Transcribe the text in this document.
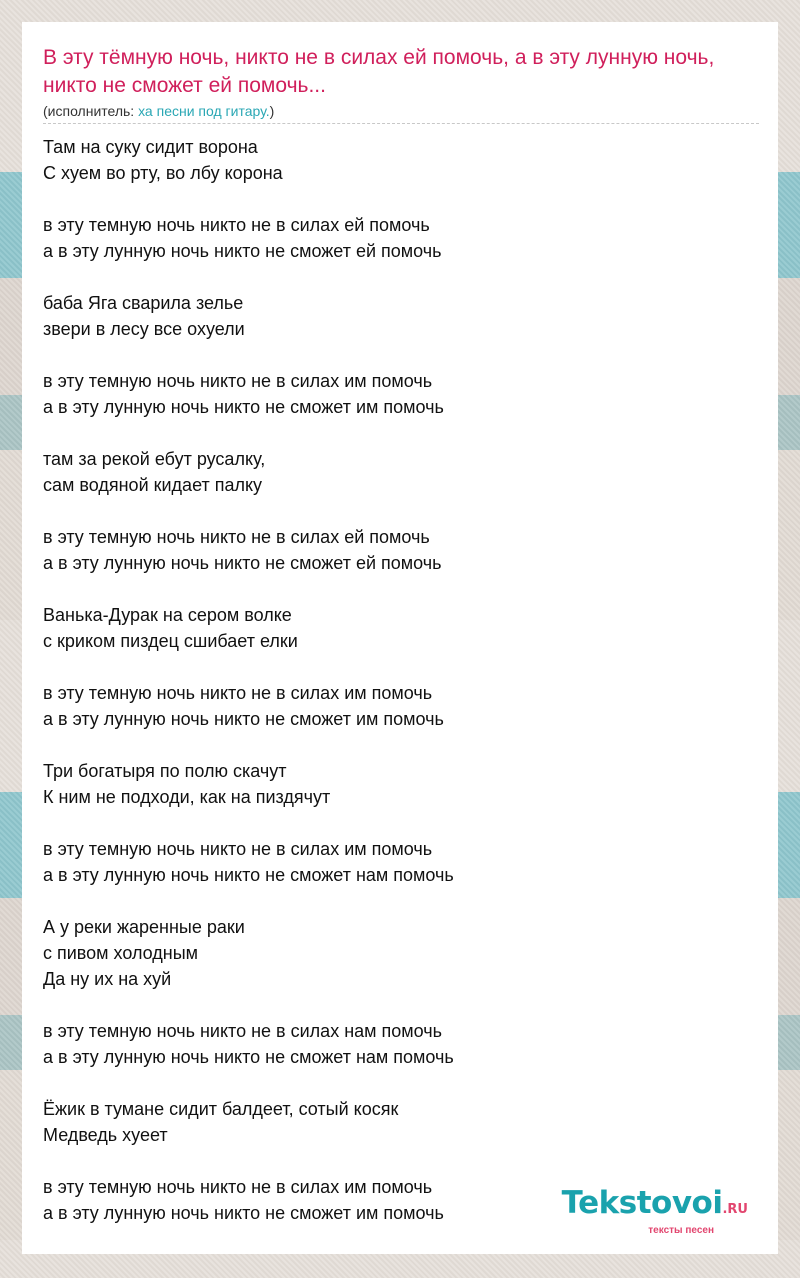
В эту тёмную ночь, никто не в силах ей помочь, а в эту лунную ночь, никто не сможет ей помочь...
(исполнитель: ха песни под гитару.)
Там на суку сидит ворона
С хуем во рту, во лбу корона
в эту темную ночь никто не в силах ей помочь
а в эту лунную ночь никто не сможет ей помочь
баба Яга сварила зелье
звери в лесу все охуели
в эту темную ночь никто не в силах им помочь
а в эту лунную ночь никто не сможет им помочь
там за рекой ебут русалку,
сам водяной кидает палку
в эту темную ночь никто не в силах ей помочь
а в эту лунную ночь никто не сможет ей помочь
Ванька-Дурак на сером волке
с криком пиздец сшибает елки
в эту темную ночь никто не в силах им помочь
а в эту лунную ночь никто не сможет им помочь
Три богатыря по полю скачут
К ним не подходи, как на пиздячут
в эту темную ночь никто не в силах им помочь
а в эту лунную ночь никто не сможет нам помочь
А у реки жаренные раки
с пивом холодным
Да ну их на хуй
в эту темную ночь никто не в силах нам помочь
а в эту лунную ночь никто не сможет нам помочь
Ёжик в тумане сидит балдеет, сотый косяк
Медведь хуеет
в эту темную ночь никто не в силах им помочь
а в эту лунную ночь никто не сможет им помочь	Tekstovoi.RU
тексты песен
